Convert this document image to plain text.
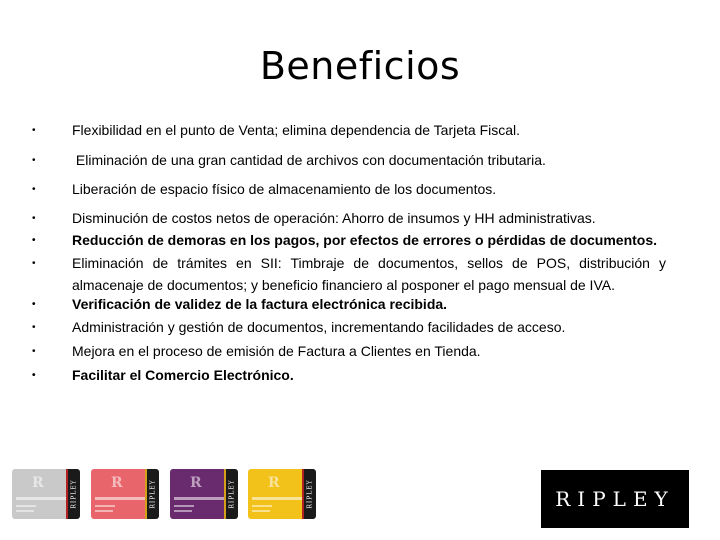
Beneficios
•	Flexibilidad en el punto de Venta; elimina dependencia de Tarjeta Fiscal.
•	Eliminación de una gran cantidad de archivos con documentación tributaria.
•	Liberación de espacio físico de almacenamiento de los documentos.
•	Disminución de costos netos de operación: Ahorro de insumos y HH administrativas.
•	Reducción de demoras en los pagos, por efectos de errores o pérdidas de documentos.
•	Eliminación de trámites en SII: Timbraje de documentos, sellos de POS, distribución y almacenaje de documentos; y beneficio financiero al posponer el pago mensual de IVA.
•	Verificación de validez de la factura electrónica recibida.
•	Administración y gestión de documentos, incrementando facilidades de acceso.
•	Mejora en el proceso de emisión de Factura a Clientes en Tienda.
•	Facilitar el Comercio Electrónico.
R	RIPLEY R	RIPLEY R	RIPLEY R	RIPLEY	RIPLEY
